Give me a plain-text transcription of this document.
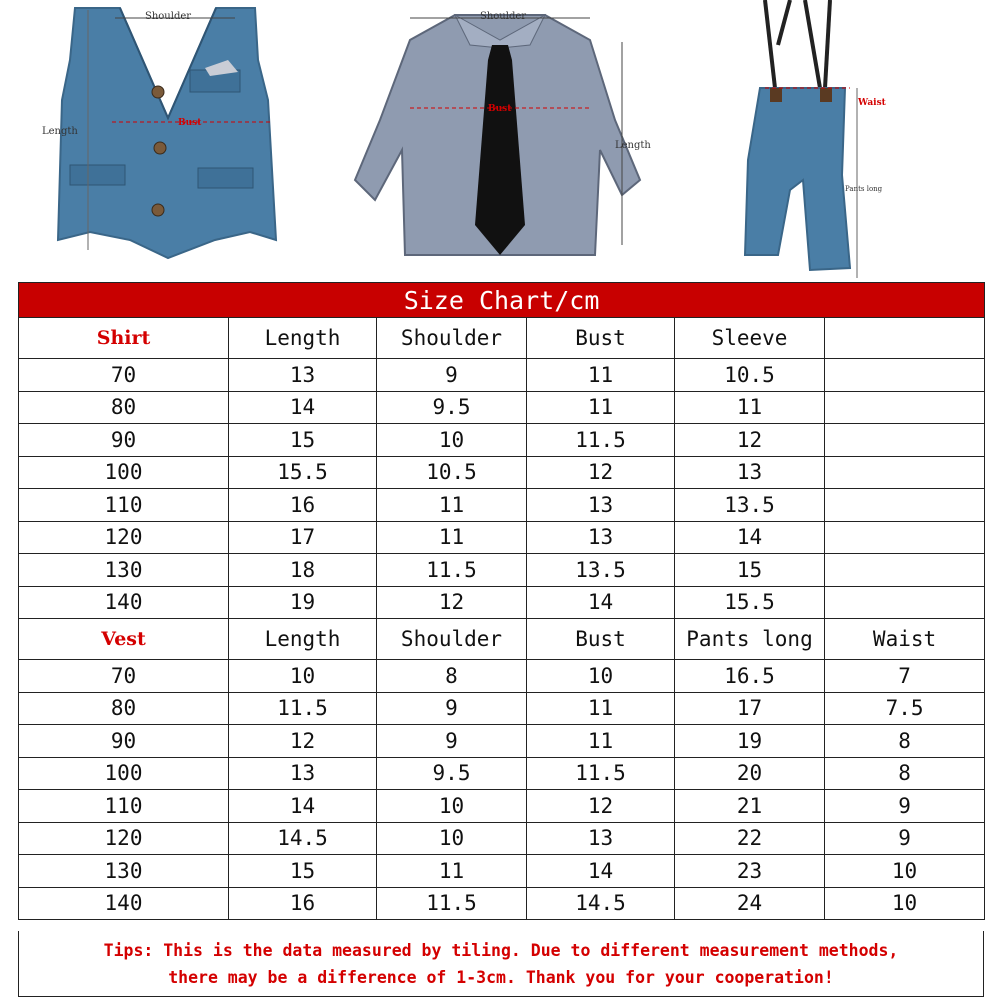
Shoulder
Length
Bust
Shoulder
Length
Bust
Pants long
Waist
Size Chart/cm					
Shirt	Length	Shoulder	Bust	Sleeve	
70	13	9	11	10.5	
80	14	9.5	11	11	
90	15	10	11.5	12	
100	15.5	10.5	12	13	
110	16	11	13	13.5	
120	17	11	13	14	
130	18	11.5	13.5	15	
140	19	12	14	15.5	
Vest	Length	Shoulder	Bust	Pants long	Waist
70	10	8	10	16.5	7
80	11.5	9	11	17	7.5
90	12	9	11	19	8
100	13	9.5	11.5	20	8
110	14	10	12	21	9
120	14.5	10	13	22	9
130	15	11	14	23	10
140	16	11.5	14.5	24	10
Tips: This is the data measured by tiling. Due to different measurement methods,
there may be a difference of 1-3cm. Thank you for your cooperation!
